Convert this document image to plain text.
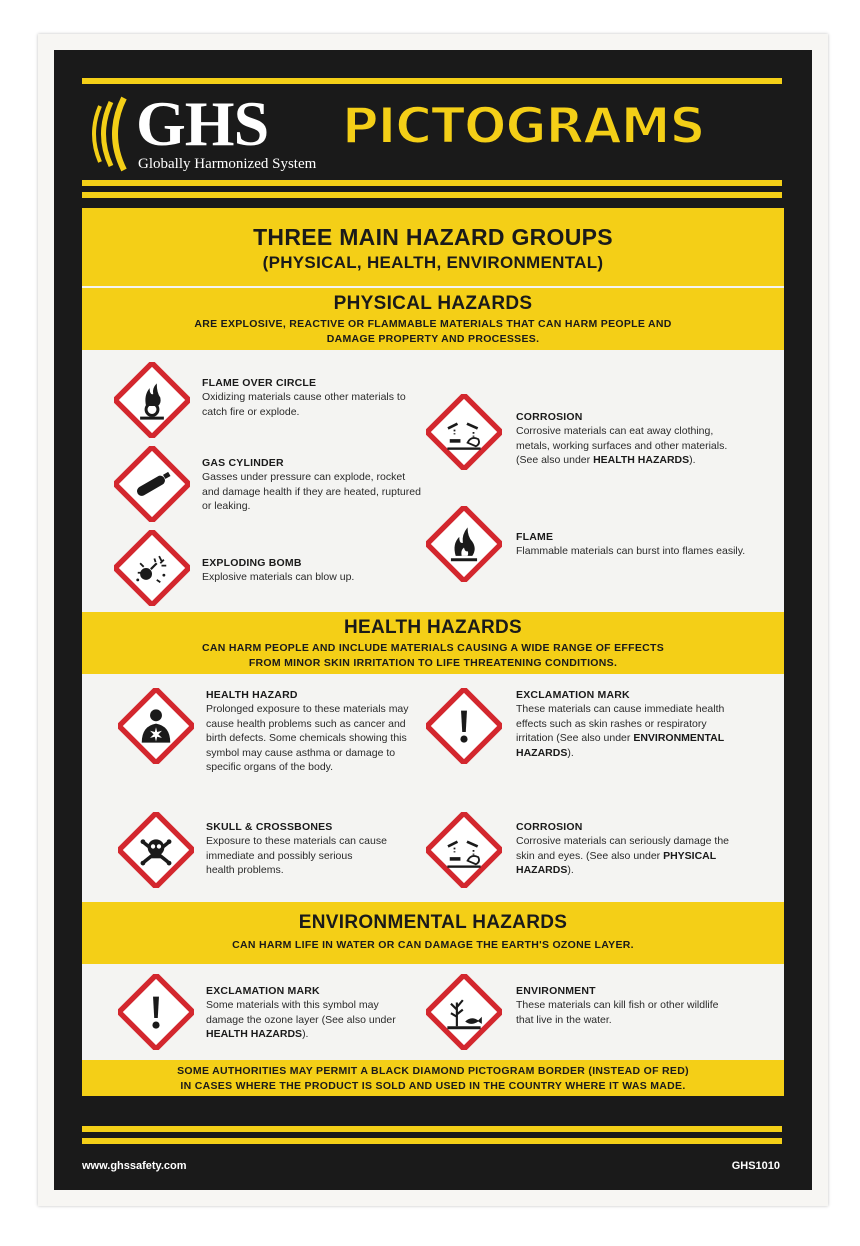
GHS
Globally Harmonized System
PICTOGRAMS
THREE MAIN HAZARD GROUPS
(PHYSICAL, HEALTH, ENVIRONMENTAL)
PHYSICAL HAZARDS
ARE EXPLOSIVE, REACTIVE OR FLAMMABLE MATERIALS THAT CAN HARM PEOPLE AND
DAMAGE PROPERTY AND PROCESSES.
FLAME OVER CIRCLE
Oxidizing materials cause other materials to
catch fire or explode.
GAS CYLINDER
Gasses under pressure can explode, rocket
and damage health if they are heated, ruptured
or leaking.
EXPLODING BOMB
Explosive materials can blow up.
CORROSION
Corrosive materials can eat away clothing,
metals, working surfaces and other materials.
(See also under HEALTH HAZARDS).
FLAME
Flammable materials can burst into flames easily.
HEALTH HAZARDS
CAN HARM PEOPLE AND INCLUDE MATERIALS CAUSING A WIDE RANGE OF EFFECTS
FROM MINOR SKIN IRRITATION TO LIFE THREATENING CONDITIONS.
HEALTH HAZARD
Prolonged exposure to these materials may
cause health problems such as cancer and
birth defects. Some chemicals showing this
symbol may cause asthma or damage to
specific organs of the body.
SKULL & CROSSBONES
Exposure to these materials can cause
immediate and possibly serious
health problems.
EXCLAMATION MARK
These materials can cause immediate health
effects such as skin rashes or respiratory
irritation (See also under ENVIRONMENTAL
HAZARDS).
CORROSION
Corrosive materials can seriously damage the
skin and eyes. (See also under PHYSICAL
HAZARDS).
ENVIRONMENTAL HAZARDS
CAN HARM LIFE IN WATER OR CAN DAMAGE THE EARTH'S OZONE LAYER.
EXCLAMATION MARK
Some materials with this symbol may
damage the ozone layer (See also under
HEALTH HAZARDS).
ENVIRONMENT
These materials can kill fish or other wildlife
that live in the water.
SOME AUTHORITIES MAY PERMIT A BLACK DIAMOND PICTOGRAM BORDER (INSTEAD OF RED)
IN CASES WHERE THE PRODUCT IS SOLD AND USED IN THE COUNTRY WHERE IT WAS MADE.
www.ghssafety.com	GHS1010
